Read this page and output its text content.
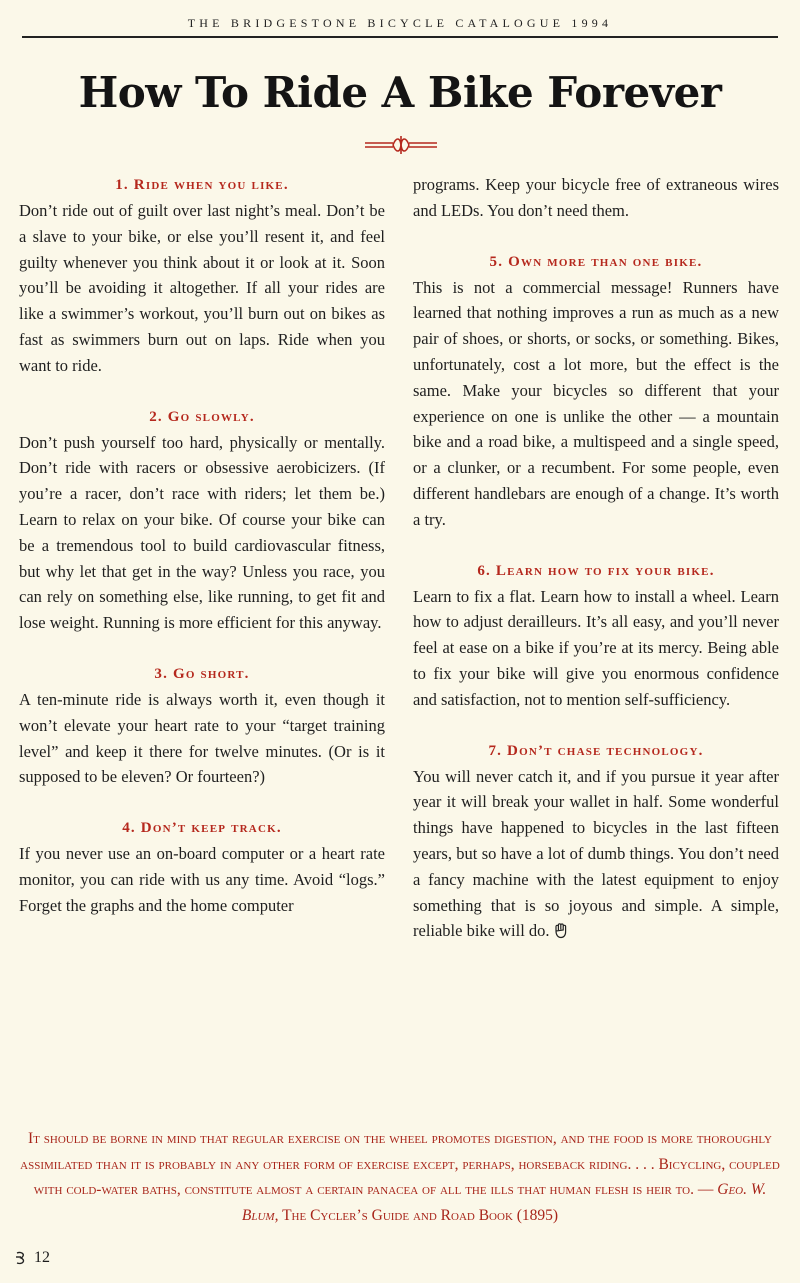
THE BRIDGESTONE BICYCLE CATALOGUE 1994
How To Ride A Bike Forever
1. Ride when you like.

Don’t ride out of guilt over last night’s meal. Don’t be a slave to your bike, or else you’ll resent it, and feel guilty whenever you think about it or look at it. Soon you’ll be avoiding it altogether. If all your rides are like a swimmer’s workout, you’ll burn out on bikes as fast as swimmers burn out on laps. Ride when you want to ride.

2. Go slowly.

Don’t push yourself too hard, physically or mentally. Don’t ride with racers or obsessive aerobicizers. (If you’re a racer, don’t race with riders; let them be.) Learn to relax on your bike. Of course your bike can be a tremendous tool to build cardiovascular fitness, but why let that get in the way? Unless you race, you can rely on something else, like running, to get fit and lose weight. Running is more efficient for this anyway.

3. Go short.

A ten-minute ride is always worth it, even though it won’t elevate your heart rate to your “target training level” and keep it there for twelve minutes. (Or is it supposed to be eleven? Or fourteen?)

4. Don’t keep track.

If you never use an on-board computer or a heart rate monitor, you can ride with us any time. Avoid “logs.” Forget the graphs and the home computer

programs. Keep your bicycle free of extraneous wires and LEDs. You don’t need them.

5. Own more than one bike.

This is not a commercial message! Runners have learned that nothing improves a run as much as a new pair of shoes, or shorts, or socks, or something. Bikes, unfortunately, cost a lot more, but the effect is the same. Make your bicycles so different that your experience on one is unlike the other — a mountain bike and a road bike, a multispeed and a single speed, or a clunker, or a recumbent. For some people, even different handlebars are enough of a change. It’s worth a try.

6. Learn how to fix your bike.

Learn to fix a flat. Learn how to install a wheel. Learn how to adjust derailleurs. It’s all easy, and you’ll never feel at ease on a bike if you’re at its mercy. Being able to fix your bike will give you enormous confidence and satisfaction, not to mention self-sufficiency.

7. Don’t chase technology.

You will never catch it, and if you pursue it year after year it will break your wallet in half. Some wonderful things have happened to bicycles in the last fifteen years, but so have a lot of dumb things. You don’t need a fancy machine with the latest equipment to enjoy something that is so joyous and simple. A simple, reliable bike will do.

It should be borne in mind that regular exercise on the wheel promotes digestion, and the food is more thoroughly assimilated than it is probably in any other form of exercise except, perhaps, horseback riding. . . . Bicycling, coupled with cold-water baths, constitute almost a certain panacea of all the ills that human flesh is heir to. — Geo. W. Blum, The Cycler’s Guide and Road Book (1895)
12
